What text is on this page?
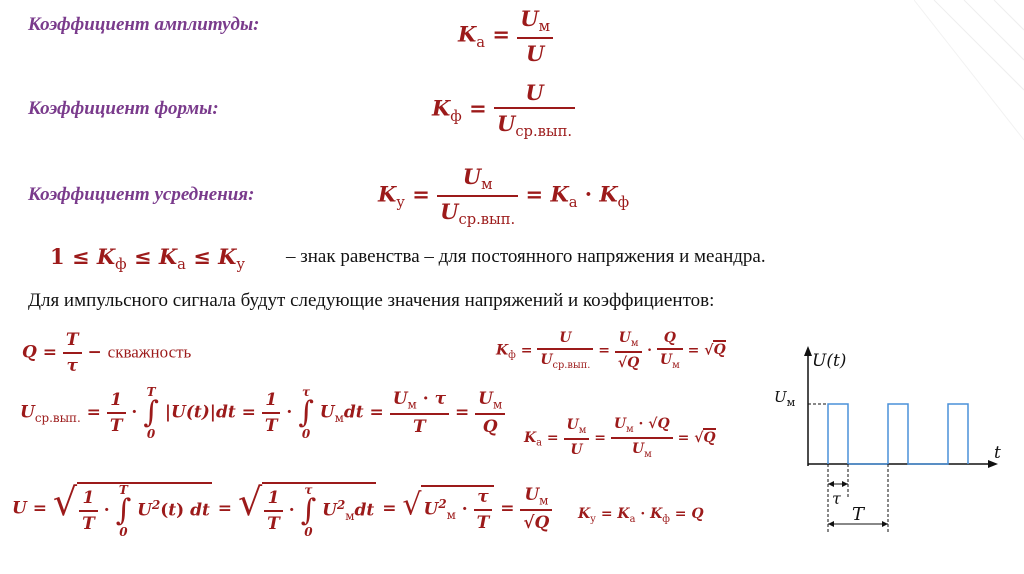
Коэффициент амплитуды:	$K_а = \frac{U_м}{U}$
Коэффициент формы:	$K_ф = \frac{U}{U_{ср.вып.}}$
Коэффициент усреднения:	$K_у = \frac{U_м}{U_{ср.вып.}} = K_а \cdot K_ф$
$1 \le K_ф \le K_а \le K_у$ – знак равенства – для постоянного напряжения и меандра.
Для импульсного сигнала будут следующие значения напряжений и коэффициентов:
$Q = \frac{T}{\tau}$ − скважность
$U_{ср.вып.} = \frac{1}{T}$ ·
T
∫
0
$|U(t)|dt = \frac{1}{T}$ ·
τ
∫
0
$U_мdt = \frac{U_м \cdot \tau}{T} = \frac{U_м}{Q}$
U = √ $\frac{1}{T}$ ·
T
∫
0
$U^2(t)$ dt = √ $\frac{1}{T}$ ·
τ
∫
0
$U^2_мdt$ = √ $U^2_м \cdot \frac{\tau}{T} = \frac{U_м}{√Q}$
$K_ф = \frac{U}{U_{ср.вып.}} = \frac{U_м}{√Q} \cdot \frac{Q}{U_м} = √Q$
$K_а = \frac{U_м}{U} = \frac{U_м \cdot √Q}{U_м} = √Q$
$K_у = K_а \cdot K_ф = Q$
U(t)
$U_м$
t
τ
T
